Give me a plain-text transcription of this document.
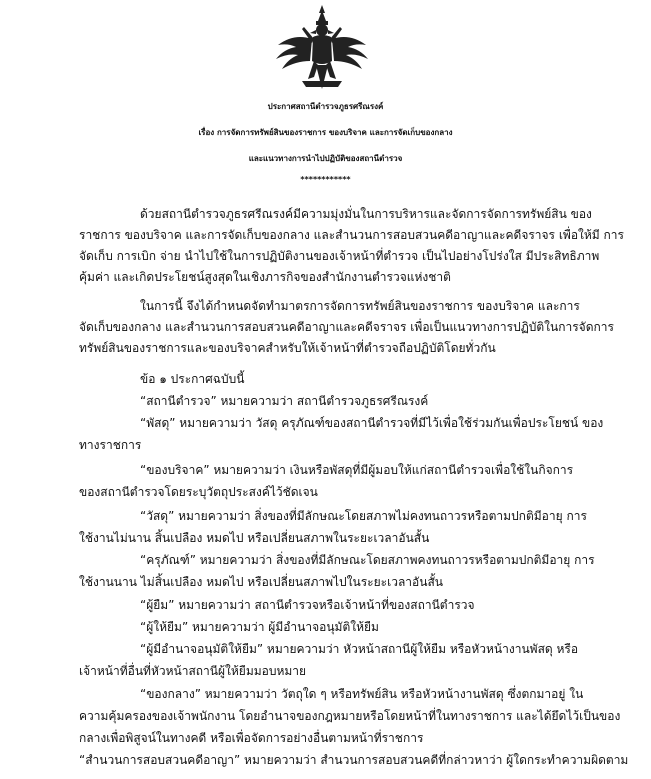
ประกาศสถานีตำรวจภูธรศรีณรงค์
เรื่อง การจัดการทรัพย์สินของราชการ ของบริจาค และการจัดเก็บของกลาง
และแนวทางการนำไปปฏิบัติของสถานีตำรวจ
************
ด้วยสถานีตำรวจภูธรศรีณรงค์มีความมุ่งมั่นในการบริหารและจัดการจัดการทรัพย์สิน ของ
ราชการ ของบริจาค และการจัดเก็บของกลาง และสำนวนการสอบสวนคดีอาญาและคดีจราจร เพื่อให้มี การ
จัดเก็บ การเบิก จ่าย นำไปใช้ในการปฏิบัติงานของเจ้าหน้าที่ตำรวจ เป็นไปอย่างโปร่งใส มีประสิทธิภาพ
คุ้มค่า และเกิดประโยชน์สูงสุดในเชิงภารกิจของสำนักงานตำรวจแห่งชาติ
ในการนี้ จึงได้กำหนดจัดทำมาตรการจัดการทรัพย์สินของราชการ ของบริจาค และการ
จัดเก็บของกลาง และสำนวนการสอบสวนคดีอาญาและคดีจราจร เพื่อเป็นแนวทางการปฏิบัติในการจัดการ
ทรัพย์สินของราชการและของบริจาคสำหรับให้เจ้าหน้าที่ตำรวจถือปฏิบัติโดยทั่วกัน
ข้อ ๑ ประกาศฉบับนี้
“สถานีตำรวจ” หมายความว่า สถานีตำรวจภูธรศรีณรงค์
“พัสดุ” หมายความว่า วัสดุ ครุภัณฑ์ของสถานีตำรวจที่มีไว้เพื่อใช้ร่วมกันเพื่อประโยชน์ ของ
ทางราชการ
“ของบริจาค” หมายความว่า เงินหรือพัสดุที่มีผู้มอบให้แก่สถานีตำรวจเพื่อใช้ในกิจการ
ของสถานีตำรวจโดยระบุวัตถุประสงค์ไว้ชัดเจน
“วัสดุ” หมายความว่า สิ่งของที่มีลักษณะโดยสภาพไม่คงทนถาวรหรือตามปกติมีอายุ การ
ใช้งานไม่นาน สิ้นเปลือง หมดไป หรือเปลี่ยนสภาพในระยะเวลาอันสั้น
“ครุภัณฑ์” หมายความว่า สิ่งของที่มีลักษณะโดยสภาพคงทนถาวรหรือตามปกติมีอายุ การ
ใช้งานนาน ไม่สิ้นเปลือง หมดไป หรือเปลี่ยนสภาพไปในระยะเวลาอันสั้น
“ผู้ยืม” หมายความว่า สถานีตำรวจหรือเจ้าหน้าที่ของสถานีตำรวจ
“ผู้ให้ยืม” หมายความว่า ผู้มีอำนาจอนุมัติให้ยืม
“ผู้มีอำนาจอนุมัติให้ยืม” หมายความว่า หัวหน้าสถานีผู้ให้ยืม หรือหัวหน้างานพัสดุ หรือ
เจ้าหน้าที่อื่นที่หัวหน้าสถานีผู้ให้ยืมมอบหมาย
“ของกลาง” หมายความว่า วัตถุใด ๆ หรือทรัพย์สิน หรือหัวหน้างานพัสดุ ซึ่งตกมาอยู่ ใน
ความคุ้มครองของเจ้าพนักงาน โดยอำนาจของกฎหมายหรือโดยหน้าที่ในทางราชการ และได้ยึดไว้เป็นของ
กลางเพื่อพิสูจน์ในทางคดี หรือเพื่อจัดการอย่างอื่นตามหน้าที่ราชการ
“สำนวนการสอบสวนคดีอาญา” หมายความว่า สำนวนการสอบสวนคดีที่กล่าวหาว่า ผู้ใดกระทำความผิดตาม
